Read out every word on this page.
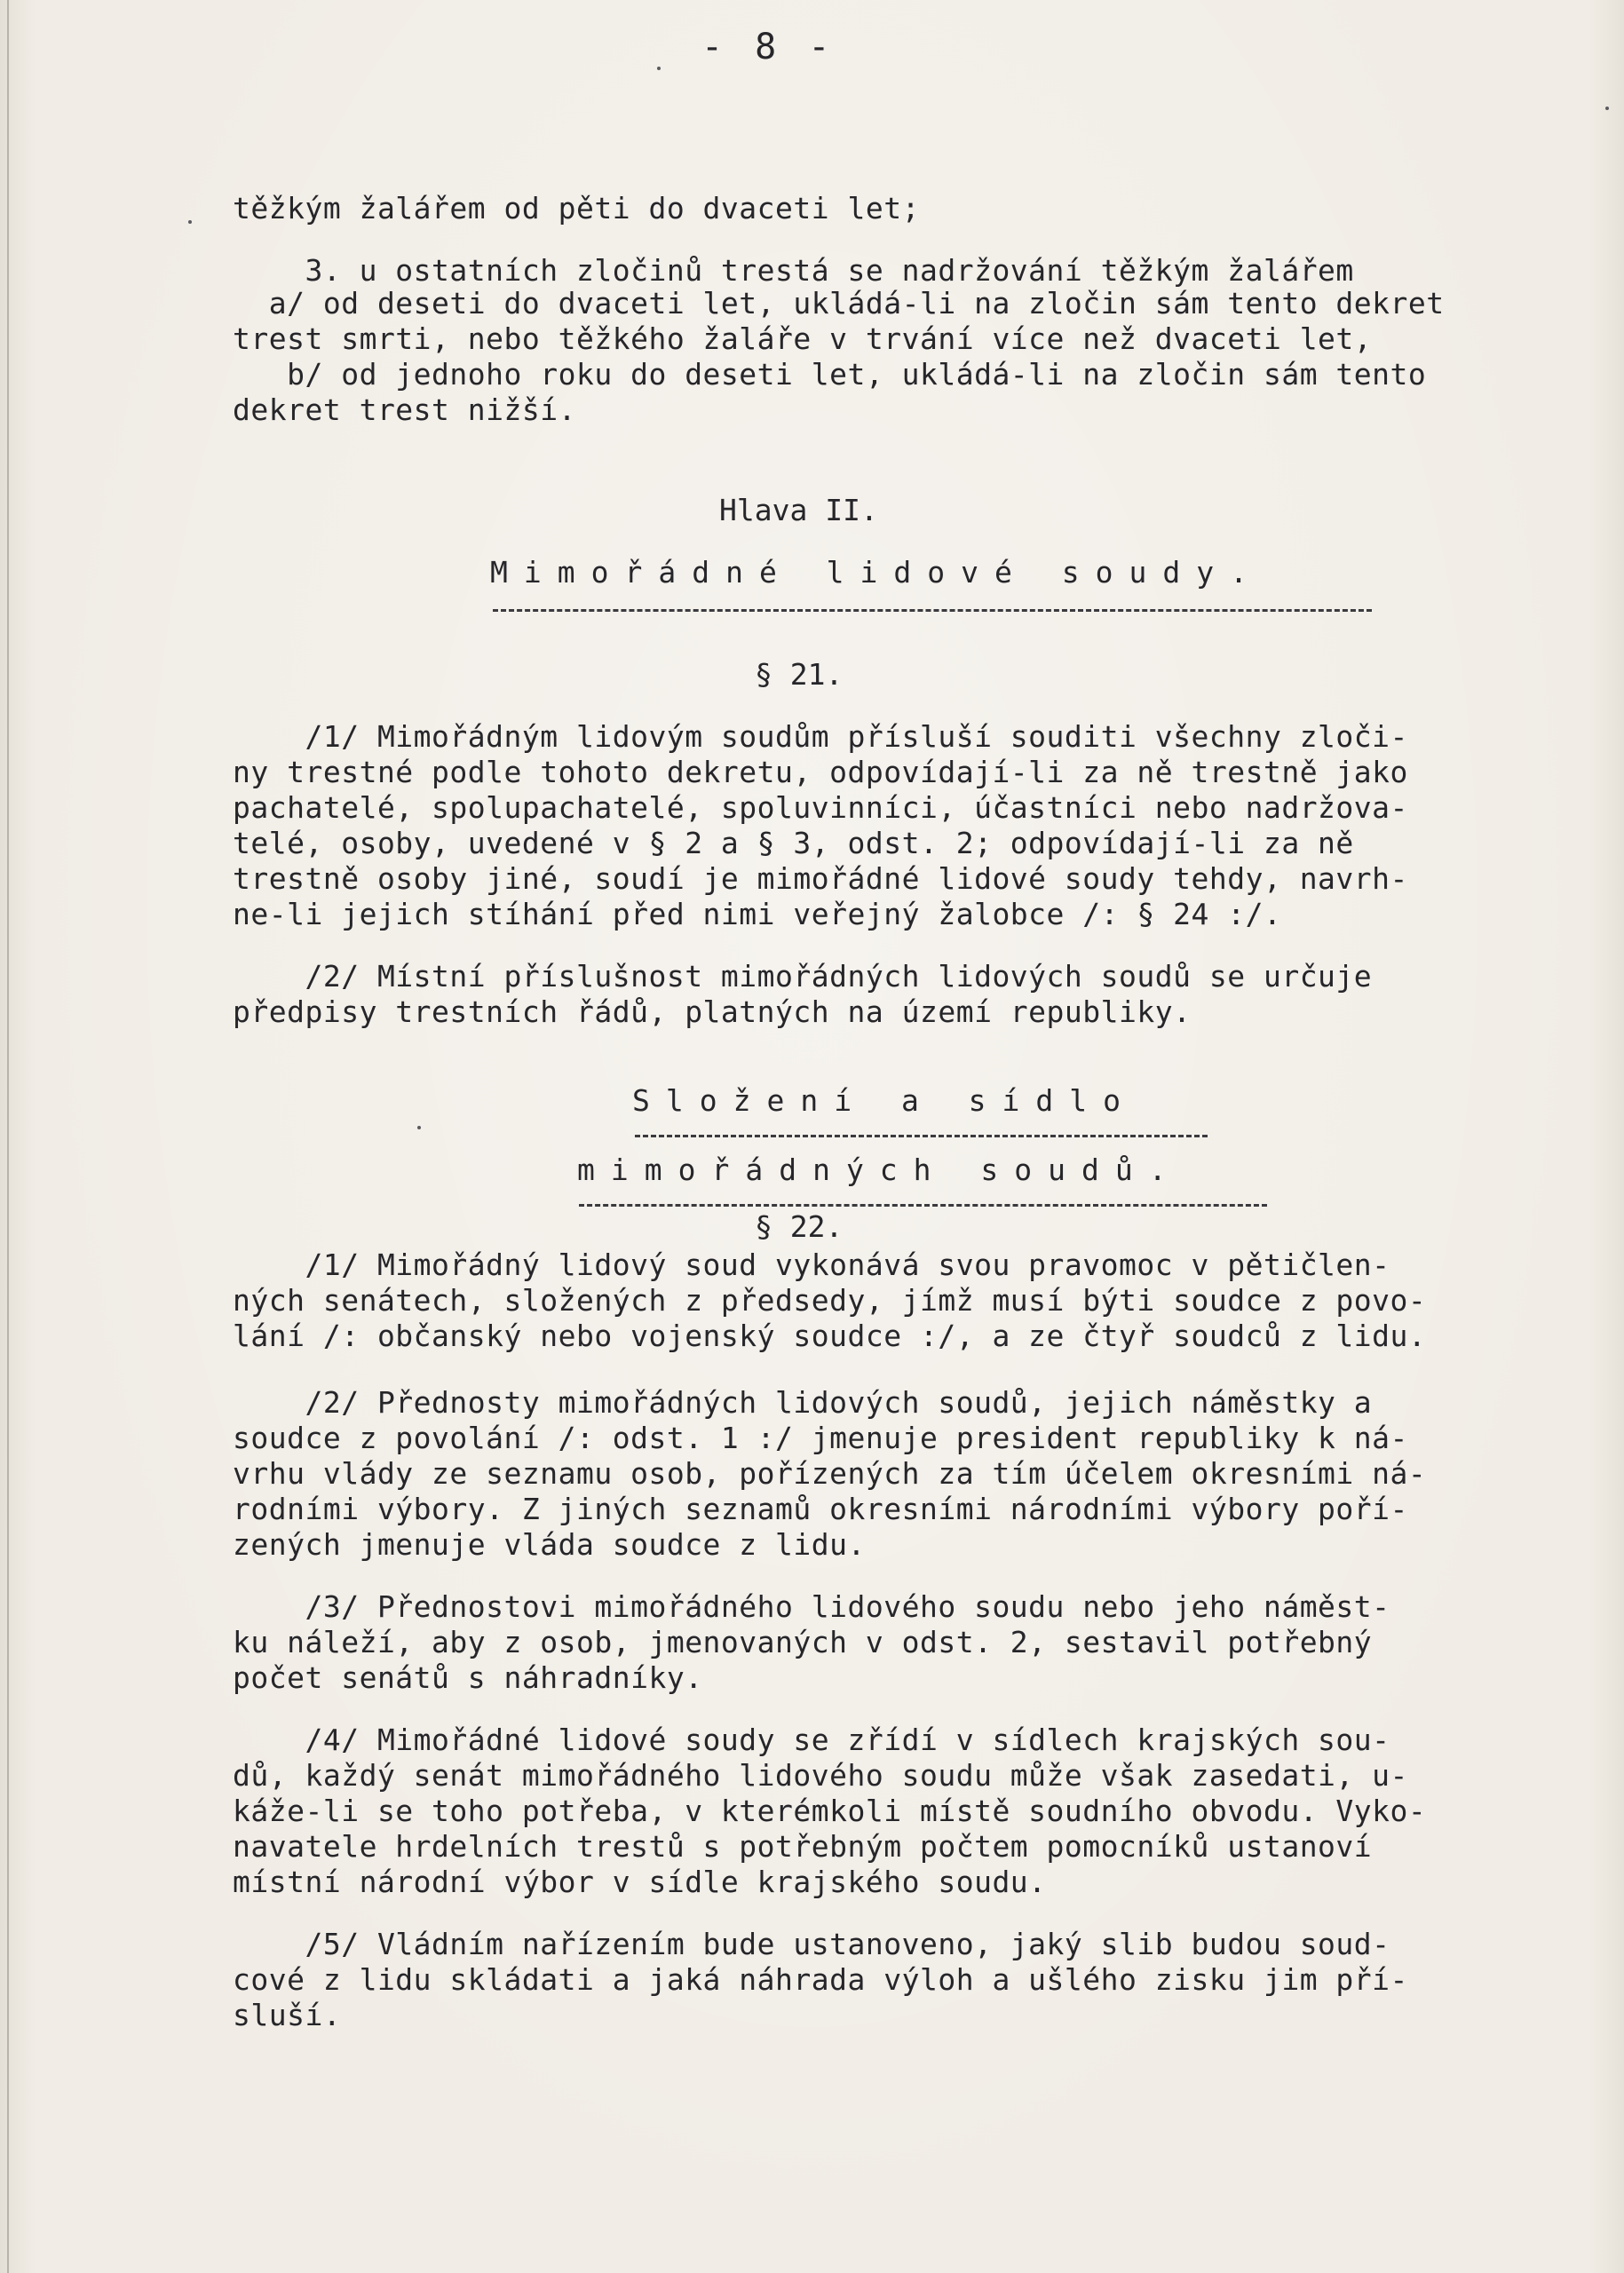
- 8 -
těžkým žalářem od pěti do dvaceti let;
3. u ostatních zločinů trestá se nadržování těžkým žalářem
a/ od deseti do dvaceti let, ukládá-li na zločin sám tento dekret
trest smrti, nebo těžkého žaláře v trvání více než dvaceti let,
b/ od jednoho roku do deseti let, ukládá-li na zločin sám tento
dekret trest nižší.
Hlava II.
Mimořádné lidové soudy.
§ 21.
/1/ Mimořádným lidovým soudům přísluší souditi všechny zloči-
ny trestné podle tohoto dekretu, odpovídají-li za ně trestně jako
pachatelé, spolupachatelé, spoluvinníci, účastníci nebo nadržova-
telé, osoby, uvedené v § 2 a § 3, odst. 2; odpovídají-li za ně
trestně osoby jiné, soudí je mimořádné lidové soudy tehdy, navrh-
ne-li jejich stíhání před nimi veřejný žalobce /: § 24 :/.
/2/ Místní příslušnost mimořádných lidových soudů se určuje
předpisy trestních řádů, platných na území republiky.
Složení a sídlo
mimořádných soudů.
§ 22.
/1/ Mimořádný lidový soud vykonává svou pravomoc v pětičlen-
ných senátech, složených z předsedy, jímž musí býti soudce z povo-
lání /: občanský nebo vojenský soudce :/, a ze čtyř soudců z lidu.
/2/ Přednosty mimořádných lidových soudů, jejich náměstky a
soudce z povolání /: odst. 1 :/ jmenuje president republiky k ná-
vrhu vlády ze seznamu osob, pořízených za tím účelem okresními ná-
rodními výbory. Z jiných seznamů okresními národními výbory poří-
zených jmenuje vláda soudce z lidu.
/3/ Přednostovi mimořádného lidového soudu nebo jeho náměst-
ku náleží, aby z osob, jmenovaných v odst. 2, sestavil potřebný
počet senátů s náhradníky.
/4/ Mimořádné lidové soudy se zřídí v sídlech krajských sou-
dů, každý senát mimořádného lidového soudu může však zasedati, u-
káže-li se toho potřeba, v kterémkoli místě soudního obvodu. Vyko-
navatele hrdelních trestů s potřebným počtem pomocníků ustanoví
místní národní výbor v sídle krajského soudu.
/5/ Vládním nařízením bude ustanoveno, jaký slib budou soud-
cové z lidu skládati a jaká náhrada výloh a ušlého zisku jim pří-
sluší.
